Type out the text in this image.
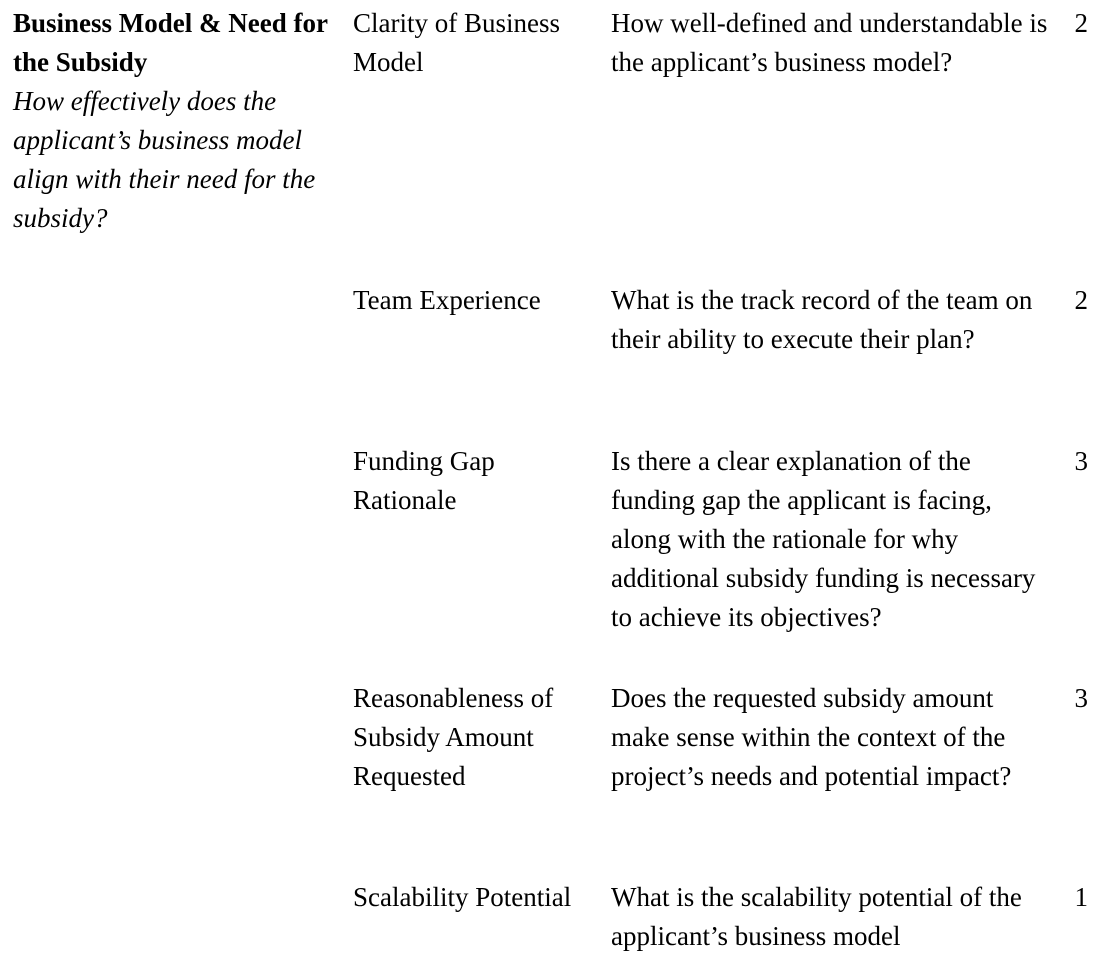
Business Model & Need for the Subsidy
How effectively does the applicant’s business model align with their need for the subsidy?
Clarity of Business Model
How well-defined and understandable is the applicant’s business model?
2
Team Experience	What is the track record of the team on their ability to execute their plan?
2
Funding Gap Rationale
Is there a clear explanation of the funding gap the applicant is facing, along with the rationale for why additional subsidy funding is necessary to achieve its objectives?
3
Reasonableness of Subsidy Amount Requested
Does the requested subsidy amount make sense within the context of the project’s needs and potential impact?
3
Scalability Potential	What is the scalability potential of the applicant’s business model
1
